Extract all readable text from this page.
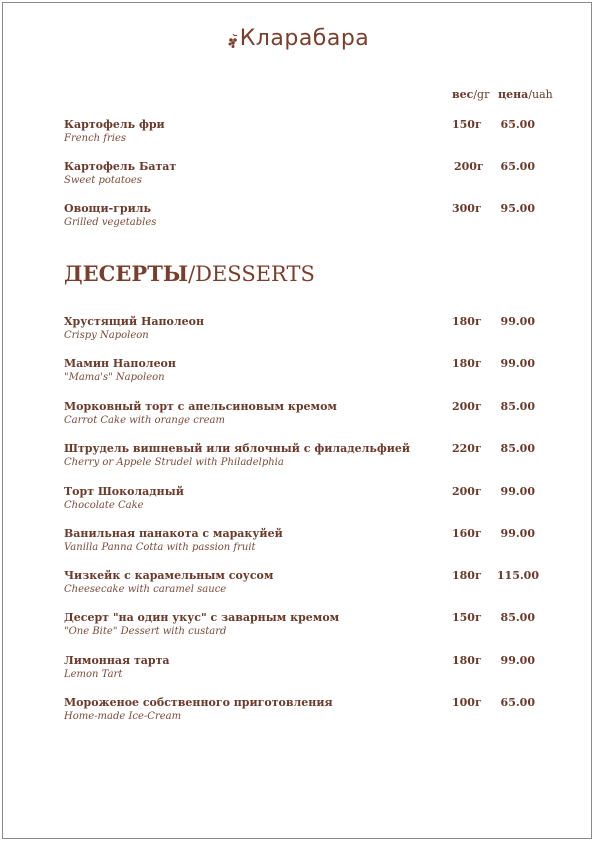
Кларабара
вес/gr цена/uah
Картофель фри
French fries
150г	65.00
Картофель Батат
Sweet potatoes
200г	65.00
Овощи-гриль
Grilled vegetables
300г	95.00
ДЕСЕРТЫ/DESSERTS
Хрустящий Наполеон
Crispy Napoleon
180г	99.00
Мамин Наполеон
"Mama's" Napoleon
180г	99.00
Морковный торт с апельсиновым кремом
Carrot Cake with orange cream
200г	85.00
Штрудель вишневый или яблочный с филадельфией
Cherry or Appele Strudel with Philadelphia
220г	85.00
Торт Шоколадный
Chocolate Cake
200г	99.00
Ванильная панакота с маракуйей
Vanilla Panna Cotta with passion fruit
160г	99.00
Чизкейк с карамельным соусом
Cheesecake with caramel sauce
180г	115.00
Десерт "на один укус" с заварным кремом
"One Bite" Dessert with custard
150г	85.00
Лимонная тарта
Lemon Tart
180г	99.00
Мороженое собственного приготовления
Home-made Ice-Cream
100г	65.00
